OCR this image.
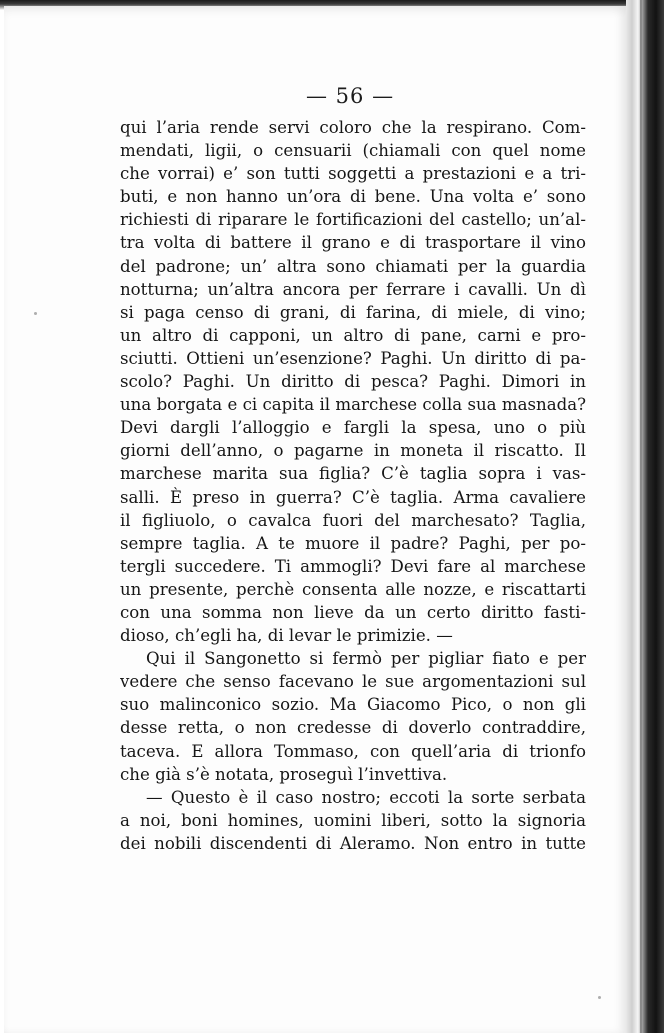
— 56 —
qui l’aria rende servi coloro che la respirano. Com-
mendati, ligii, o censuarii (chiamali con quel nome
che vorrai) e’ son tutti soggetti a prestazioni e a tri-
buti, e non hanno un’ora di bene. Una volta e’ sono
richiesti di riparare le fortificazioni del castello; un’al-
tra volta di battere il grano e di trasportare il vino
del padrone; un’ altra sono chiamati per la guardia
notturna; un’altra ancora per ferrare i cavalli. Un dì
si paga censo di grani, di farina, di miele, di vino;
un altro di capponi, un altro di pane, carni e pro-
sciutti. Ottieni un’esenzione? Paghi. Un diritto di pa-
scolo? Paghi. Un diritto di pesca? Paghi. Dimori in
una borgata e ci capita il marchese colla sua masnada?
Devi dargli l’alloggio e fargli la spesa, uno o più
giorni dell’anno, o pagarne in moneta il riscatto. Il
marchese marita sua figlia? C’è taglia sopra i vas-
salli. È preso in guerra? C’è taglia. Arma cavaliere
il figliuolo, o cavalca fuori del marchesato? Taglia,
sempre taglia. A te muore il padre? Paghi, per po-
tergli succedere. Ti ammogli? Devi fare al marchese
un presente, perchè consenta alle nozze, e riscattarti
con una somma non lieve da un certo diritto fasti-
dioso, ch’egli ha, di levar le primizie. —
Qui il Sangonetto si fermò per pigliar fiato e per
vedere che senso facevano le sue argomentazioni sul
suo malinconico sozio. Ma Giacomo Pico, o non gli
desse retta, o non credesse di doverlo contraddire,
taceva. E allora Tommaso, con quell’aria di trionfo
che già s’è notata, proseguì l’invettiva.
— Questo è il caso nostro; eccoti la sorte serbata
a noi, boni homines, uomini liberi, sotto la signoria
dei nobili discendenti di Aleramo. Non entro in tutte
